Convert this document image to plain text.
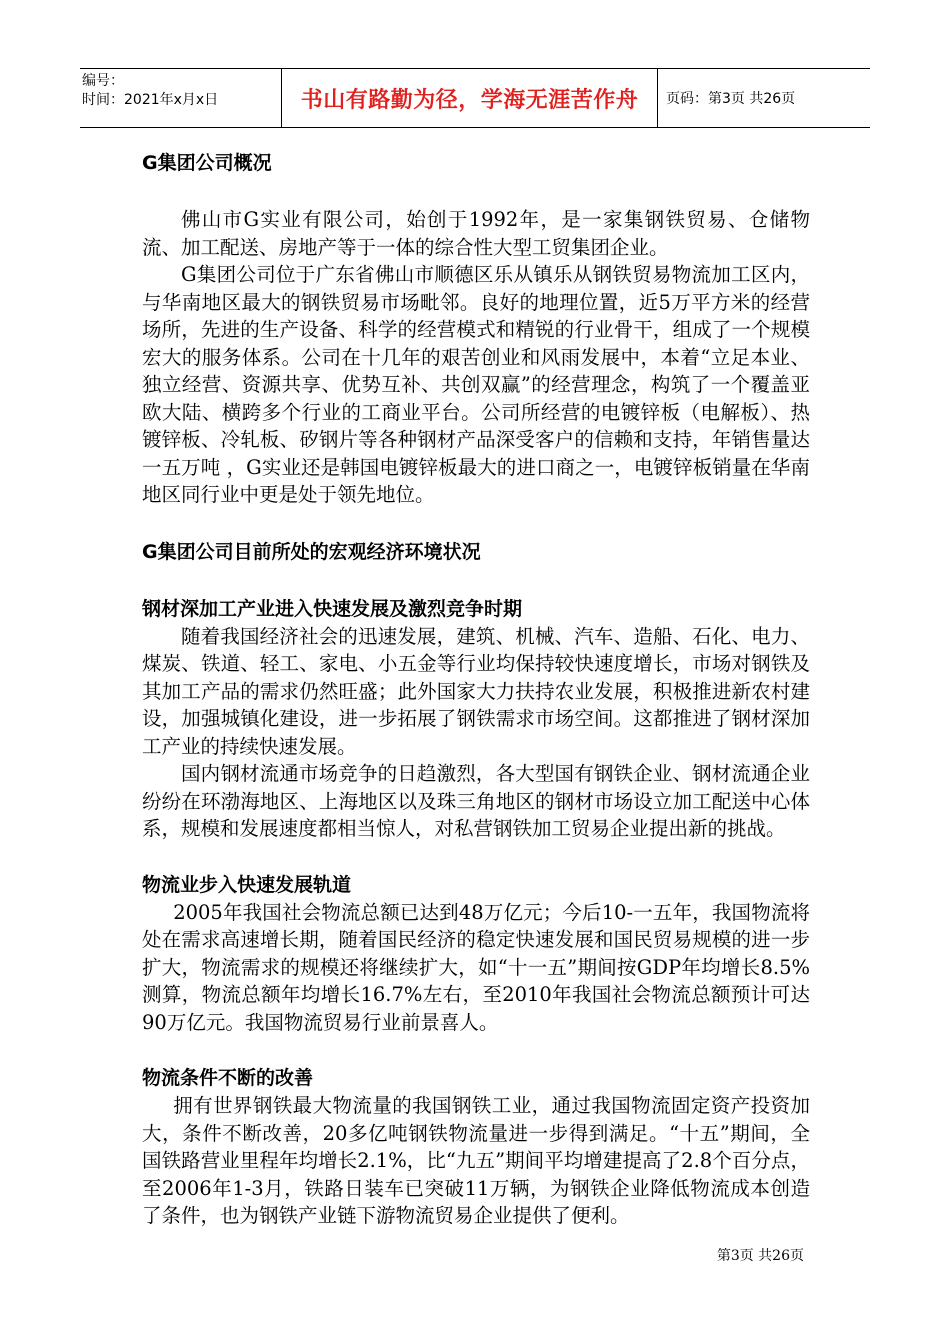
编号：
时间：2021年x月x日	书山有路勤为径，学海无涯苦作舟 页码：第3页 共26页
G集团公司概况

佛山市G实业有限公司，始创于1992年，是一家集钢铁贸易、仓储物流、加工配送、房地产等于一体的综合性大型工贸集团企业。

G集团公司位于广东省佛山市顺德区乐从镇乐从钢铁贸易物流加工区内，与华南地区最大的钢铁贸易市场毗邻。良好的地理位置，近5万平方米的经营场所，先进的生产设备、科学的经营模式和精锐的行业骨干，组成了一个规模宏大的服务体系。公司在十几年的艰苦创业和风雨发展中，本着“立足本业、独立经营、资源共享、优势互补、共创双赢”的经营理念，构筑了一个覆盖亚欧大陆、横跨多个行业的工商业平台。公司所经营的电镀锌板（电解板）、热镀锌板、冷轧板、矽钢片等各种钢材产品深受客户的信赖和支持，年销售量达一五万吨 ，G实业还是韩国电镀锌板最大的进口商之一，电镀锌板销量在华南地区同行业中更是处于领先地位。

G集团公司目前所处的宏观经济环境状况
钢材深加工产业进入快速发展及激烈竞争时期

随着我国经济社会的迅速发展，建筑、机械、汽车、造船、石化、电力、煤炭、铁道、轻工、家电、小五金等行业均保持较快速度增长，市场对钢铁及其加工产品的需求仍然旺盛；此外国家大力扶持农业发展，积极推进新农村建设，加强城镇化建设，进一步拓展了钢铁需求市场空间。这都推进了钢材深加工产业的持续快速发展。

国内钢材流通市场竞争的日趋激烈，各大型国有钢铁企业、钢材流通企业纷纷在环渤海地区、上海地区以及珠三角地区的钢材市场设立加工配送中心体系，规模和发展速度都相当惊人，对私营钢铁加工贸易企业提出新的挑战。

物流业步入快速发展轨道

2005年我国社会物流总额已达到48万亿元；今后10-一五年，我国物流将处在需求高速增长期，随着国民经济的稳定快速发展和国民贸易规模的进一步扩大，物流需求的规模还将继续扩大，如“十一五”期间按GDP年均增长8.5%测算，物流总额年均增长16.7%左右，至2010年我国社会物流总额预计可达90万亿元。我国物流贸易行业前景喜人。

物流条件不断的改善

拥有世界钢铁最大物流量的我国钢铁工业，通过我国物流固定资产投资加大，条件不断改善，20多亿吨钢铁物流量进一步得到满足。“十五”期间，全国铁路营业里程年均增长2.1%，比“九五”期间平均增建提高了2.8个百分点，至2006年1-3月，铁路日装车已突破11万辆，为钢铁企业降低物流成本创造了条件，也为钢铁产业链下游物流贸易企业提供了便利。

第3页 共26页
